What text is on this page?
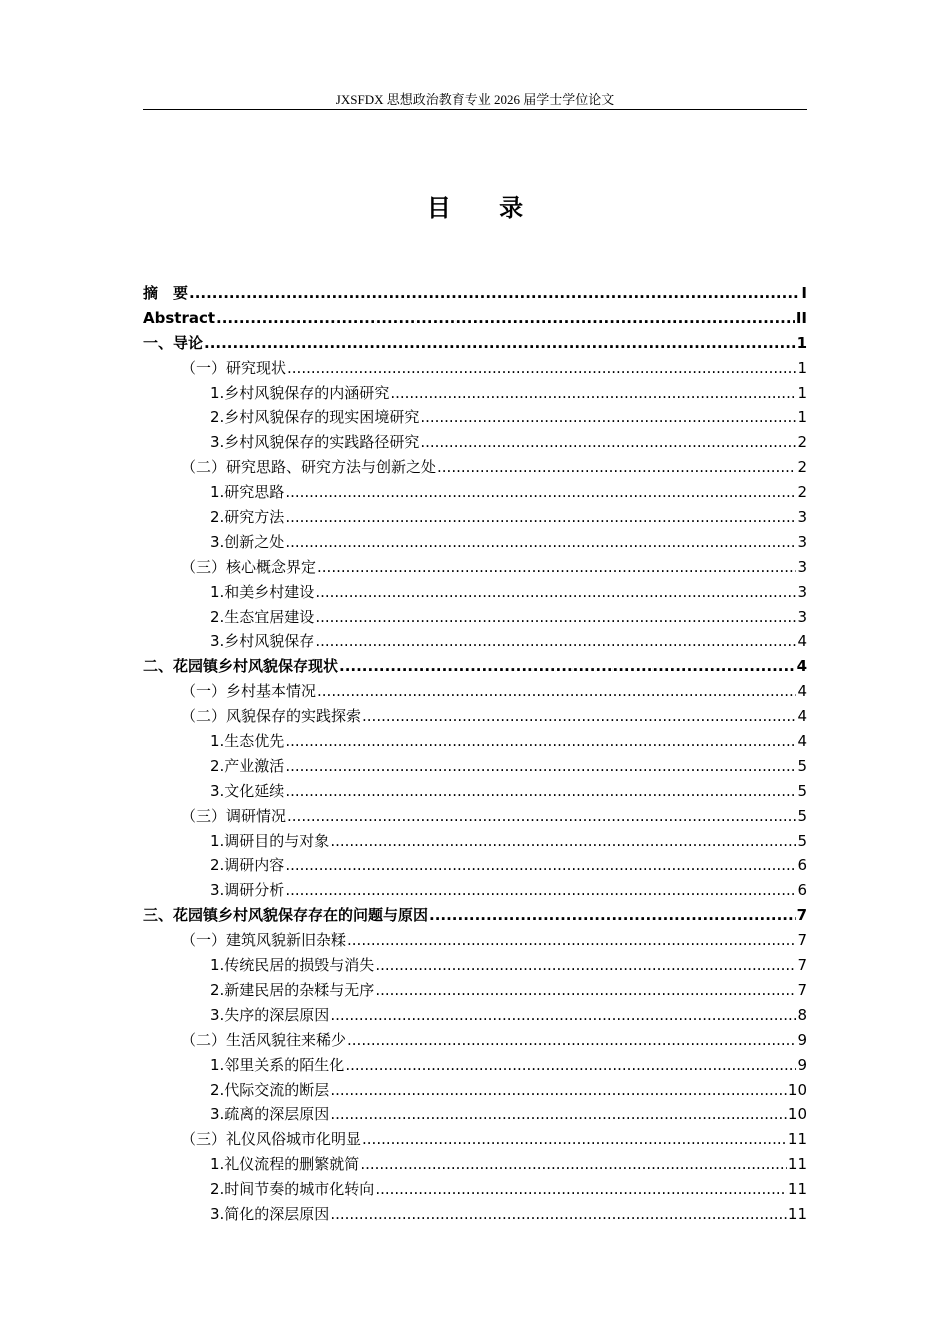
JXSFDX 思想政治教育专业 2026 届学士学位论文
目 录
摘　要 .....	I
Abstract .....	II
一、导论 .....	1
（一）研究现状 .....	1
1.乡村风貌保存的内涵研究 .....	1
2.乡村风貌保存的现实困境研究 .....	1
3.乡村风貌保存的实践路径研究 .....	2
（二）研究思路、研究方法与创新之处 .....	2
1.研究思路 .....	2
2.研究方法 .....	3
3.创新之处 .....	3
（三）核心概念界定 .....	3
1.和美乡村建设 .....	3
2.生态宜居建设 .....	3
3.乡村风貌保存 .....	4
二、花园镇乡村风貌保存现状 .....	4
（一）乡村基本情况 .....	4
（二）风貌保存的实践探索 .....	4
1.生态优先 .....	4
2.产业激活 .....	5
3.文化延续 .....	5
（三）调研情况 .....	5
1.调研目的与对象 .....	5
2.调研内容 .....	6
3.调研分析 .....	6
三、花园镇乡村风貌保存存在的问题与原因 .....	7
（一）建筑风貌新旧杂糅 .....	7
1.传统民居的损毁与消失 .....	7
2.新建民居的杂糅与无序 .....	7
3.失序的深层原因 .....	8
（二）生活风貌往来稀少 .....	9
1.邻里关系的陌生化 .....	9
2.代际交流的断层 .....	10
3.疏离的深层原因 .....	10
（三）礼仪风俗城市化明显 .....	11
1.礼仪流程的删繁就简 .....	11
2.时间节奏的城市化转向 .....	11
3.简化的深层原因 .....	11
